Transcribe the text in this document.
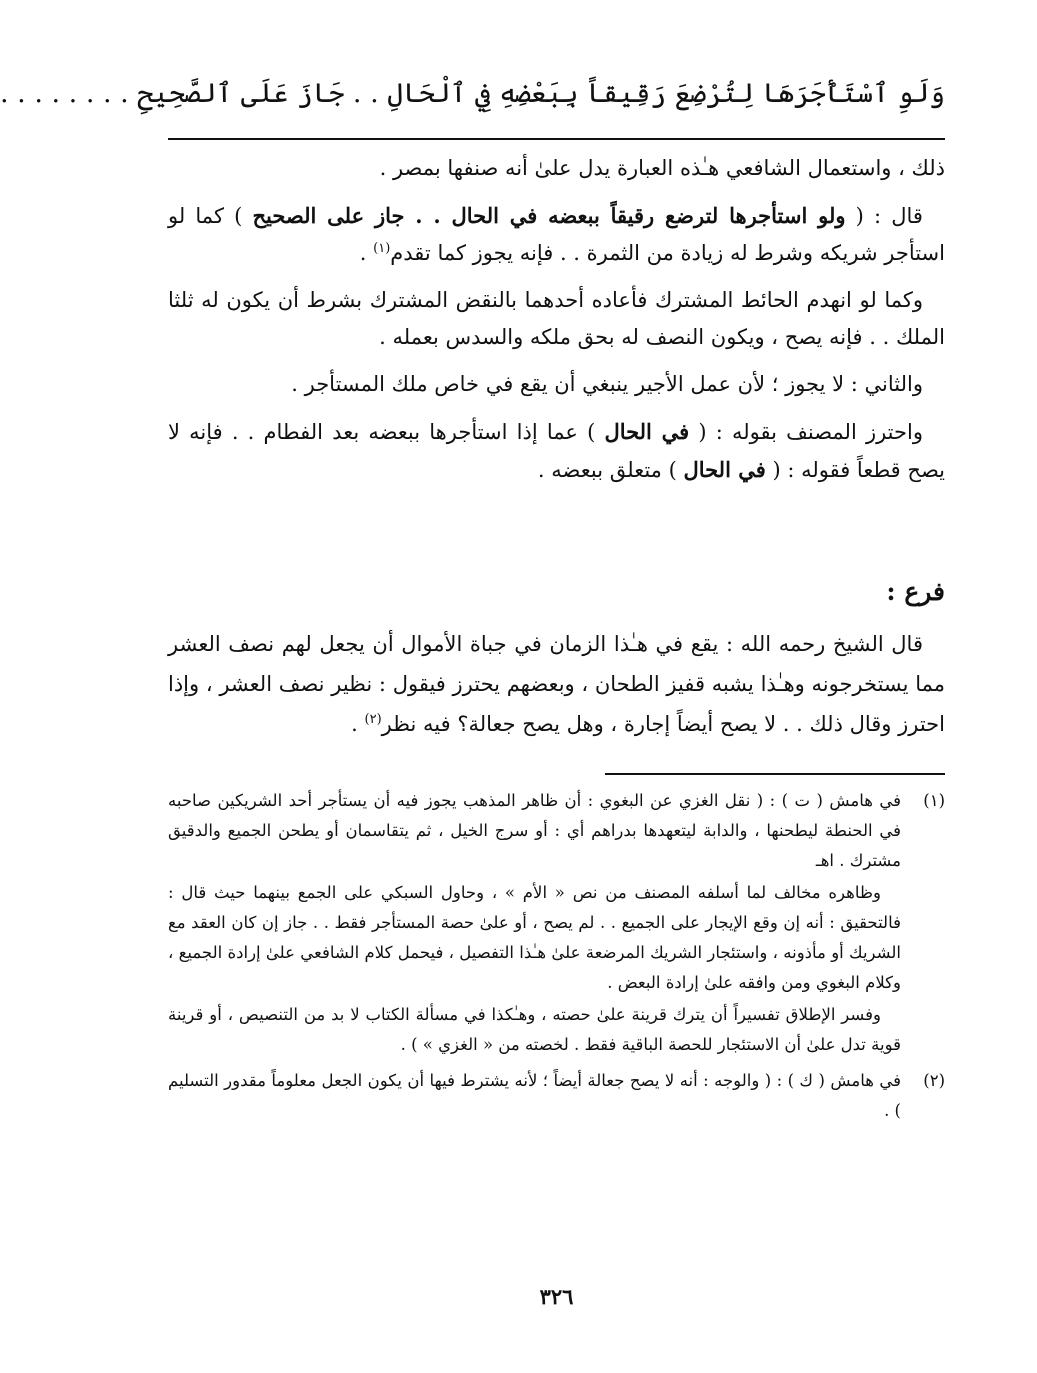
وَلَوِ ٱسْتَأْجَرَهَا لِتُرْضِعَ رَقِيقاً بِبَعْضِهِ فِي ٱلْحَالِ . . جَازَ عَلَى ٱلصَّحِيحِ . . . . . . . .

ذلك ، واستعمال الشافعي هـٰذه العبارة يدل علىٰ أنه صنفها بمصر .

قال : ( ولو استأجرها لترضع رقيقاً ببعضه في الحال . . جاز على الصحيح ) كما لو استأجر شريكه وشرط له زيادة من الثمرة . . فإنه يجوز كما تقدم$^{(١)}$ .

وكما لو انهدم الحائط المشترك فأعاده أحدهما بالنقض المشترك بشرط أن يكون له ثلثا الملك . . فإنه يصح ، ويكون النصف له بحق ملكه والسدس بعمله .

والثاني : لا يجوز ؛ لأن عمل الأجير ينبغي أن يقع في خاص ملك المستأجر .

واحترز المصنف بقوله : ( في الحال ) عما إذا استأجرها ببعضه بعد الفطام . . فإنه لا يصح قطعاً فقوله : ( في الحال ) متعلق ببعضه .

فرع :
قال الشيخ رحمه الله : يقع في هـٰذا الزمان في جباة الأموال أن يجعل لهم نصف العشر مما يستخرجونه وهـٰذا يشبه قفيز الطحان ، وبعضهم يحترز فيقول : نظير نصف العشر ، وإذا احترز وقال ذلك . . لا يصح أيضاً إجارة ، وهل يصح جعالة؟ فيه نظر$^{(٢)}$ .
(١)

في هامش ( ت ) : ( نقل الغزي عن البغوي : أن ظاهر المذهب يجوز فيه أن يستأجر أحد الشريكين صاحبه في الحنطة ليطحنها ، والدابة ليتعهدها بدراهم أي : أو سرج الخيل ، ثم يتقاسمان أو يطحن الجميع والدقيق مشترك . اهـ

وظاهره مخالف لما أسلفه المصنف من نص « الأم » ، وحاول السبكي على الجمع بينهما حيث قال : فالتحقيق : أنه إن وقع الإيجار على الجميع . . لم يصح ، أو علىٰ حصة المستأجر فقط . . جاز إن كان العقد مع الشريك أو مأذونه ، واستئجار الشريك المرضعة علىٰ هـٰذا التفصيل ، فيحمل كلام الشافعي علىٰ إرادة الجميع ، وكلام البغوي ومن وافقه علىٰ إرادة البعض .

وفسر الإطلاق تفسيراً أن يترك قرينة علىٰ حصته ، وهـٰكذا في مسألة الكتاب لا بد من التنصيص ، أو قرينة قوية تدل علىٰ أن الاستئجار للحصة الباقية فقط . لخصته من « الغزي » ) .

(٢)

في هامش ( ك ) : ( والوجه : أنه لا يصح جعالة أيضاً ؛ لأنه يشترط فيها أن يكون الجعل معلوماً مقدور التسليم ) .

٣٢٦
